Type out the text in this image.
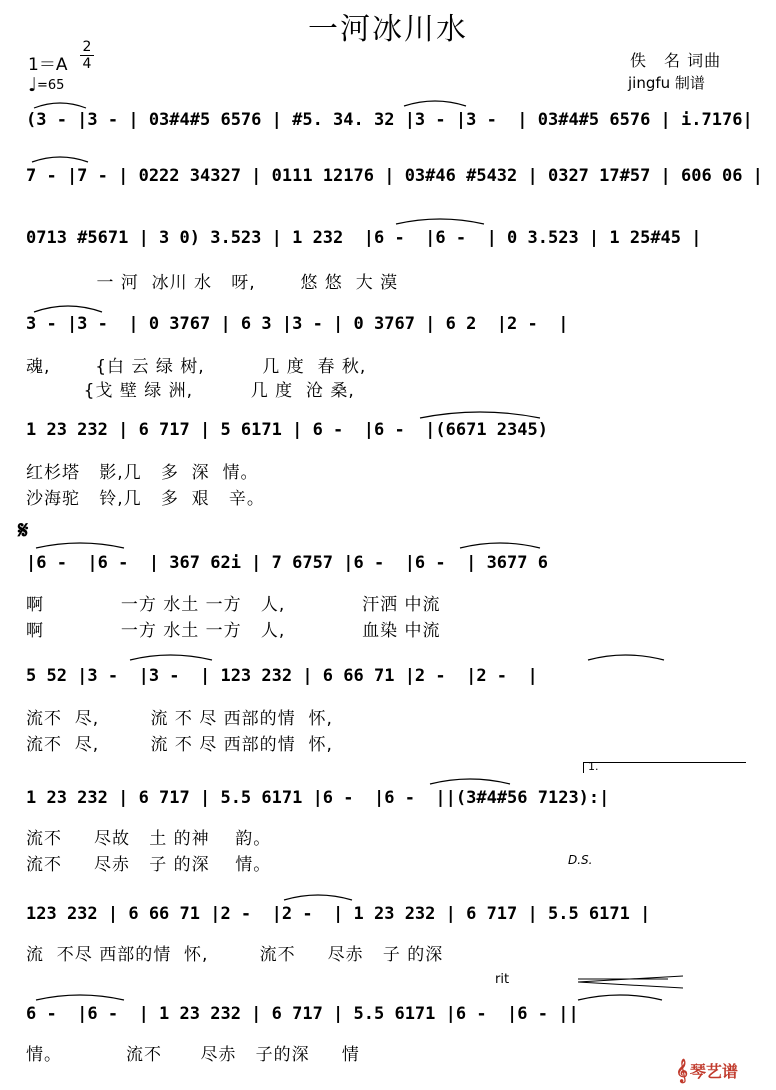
一河冰川水
1＝A
2
4
♩=65
佚　名 词曲
jingfu 制谱
(3 - |3 - | 03#4#5 6576 | #5. 34. 32 |3 - |3 -  | 03#4#5 6576 | i.7176|
7 - |7 - | 0222 34327 | 0111 12176 | 03#46 #5432 | 0327 17#57 | 606 06 |
0713 #5671 | 3 0) 3.523 | 1 232  |6 -  |6 -  | 0 3.523 | 1 25#45 |
一 河  冰川 水   呀,       悠 悠  大 漠
3 - |3 -  | 0 3767 | 6 3 |3 - | 0 3767 | 6 2  |2 -  |
魂,       {白 云 绿 树,         几 度  春 秋,
{戈 壁 绿 洲,         几 度  沧 桑,
1 23 232 | 6 717 | 5 6171 | 6 -  |6 -  |(6671 2345)
红杉塔   影,几   多  深  情。
沙海驼   铃,几   多  艰   辛。
𝄋
|6 -  |6 -  | 367 62i | 7 6757 |6 -  |6 -  | 3677 6
啊            一方 水土 一方   人,            汗洒 中流
啊            一方 水土 一方   人,            血染 中流
5 52 |3 -  |3 -  | 123 232 | 6 66 71 |2 -  |2 -  |
流不  尽,        流 不 尽 西部的情  怀,
流不  尽,        流 不 尽 西部的情  怀,
1.
1 23 232 | 6 717 | 5.5 6171 |6 -  |6 -  ||(3#4#56 7123):|
流不     尽故   土 的神    韵。
流不     尽赤   子 的深    情。	D.S.
123 232 | 6 66 71 |2 -  |2 -  | 1 23 232 | 6 717 | 5.5 6171 |
流  不尽 西部的情  怀,        流不     尽赤   子 的深
rit
6 -  |6 -  | 1 23 232 | 6 717 | 5.5 6171 |6 -  |6 - ||
情。          流不      尽赤   子的深     情
𝄞 琴艺谱
